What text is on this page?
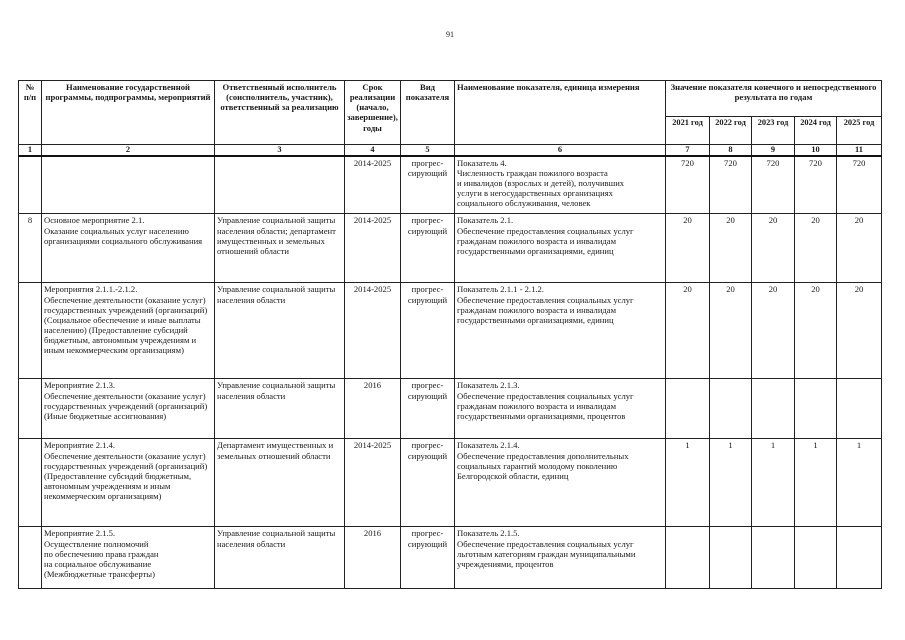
91
№ п/п	Наименование государственной программы, подпрограммы, мероприятий	Ответственный исполнитель (соисполнитель, участник), ответственный за реализацию	Срок реализации (начало, завершение), годы	Вид показателя	Наименование показателя, единица измерения	Значение показателя конечного и непосредственного результата по годам				
						2021 год	2022 год	2023 год	2024 год	2025 год
1	2	3	4	5	6	7	8	9	10	11
			2014-2025	прогрес-сирующий	Показатель 4.
Численность граждан пожилого возраста
и инвалидов (взрослых и детей), получивших
услуги в негосударственных организациях
социального обслуживания, человек	720	720	720	720	720
8	Основное мероприятие 2.1.
Оказание социальных услуг населению организациями социального обслуживания	Управление социальной защиты населения области; департамент имущественных и земельных отношений области	2014-2025	прогрес-сирующий	Показатель 2.1.
Обеспечение предоставления социальных услуг гражданам пожилого возраста и инвалидам государственными организациями, единиц	20	20	20	20	20
	Мероприятия 2.1.1.-2.1.2.
Обеспечение деятельности (оказание услуг) государственных учреждений (организаций) (Социальное обеспечение и иные выплаты населению) (Предоставление субсидий бюджетным, автономным учреждениям и иным некоммерческим организациям)	Управление социальной защиты населения области	2014-2025	прогрес-сирующий	Показатель 2.1.1 - 2.1.2.
Обеспечение предоставления социальных услуг гражданам пожилого возраста и инвалидам государственными организациями, единиц	20	20	20	20	20
	Мероприятие 2.1.3.
Обеспечение деятельности (оказание услуг) государственных учреждений (организаций) (Иные бюджетные ассигнования)	Управление социальной защиты населения области	2016	прогрес-сирующий	Показатель 2.1.3.
Обеспечение предоставления социальных услуг гражданам пожилого возраста и инвалидам государственными организациями, процентов					
	Мероприятие 2.1.4.
Обеспечение деятельности (оказание услуг) государственных учреждений (организаций) (Предоставление субсидий бюджетным, автономным учреждениям и иным некоммерческим организациям)	Департамент имущественных и земельных отношений области	2014-2025	прогрес-сирующий	Показатель 2.1.4.
Обеспечение предоставления дополнительных социальных гарантий молодому поколению Белгородской области, единиц	1	1	1	1	1
	Мероприятие 2.1.5.
Осуществление полномочий
по обеспечению права граждан
на социальное обслуживание
(Межбюджетные трансферты)	Управление социальной защиты населения области	2016	прогрес-сирующий	Показатель 2.1.5.
Обеспечение предоставления социальных услуг льготным категориям граждан муниципальными учреждениями, процентов					
